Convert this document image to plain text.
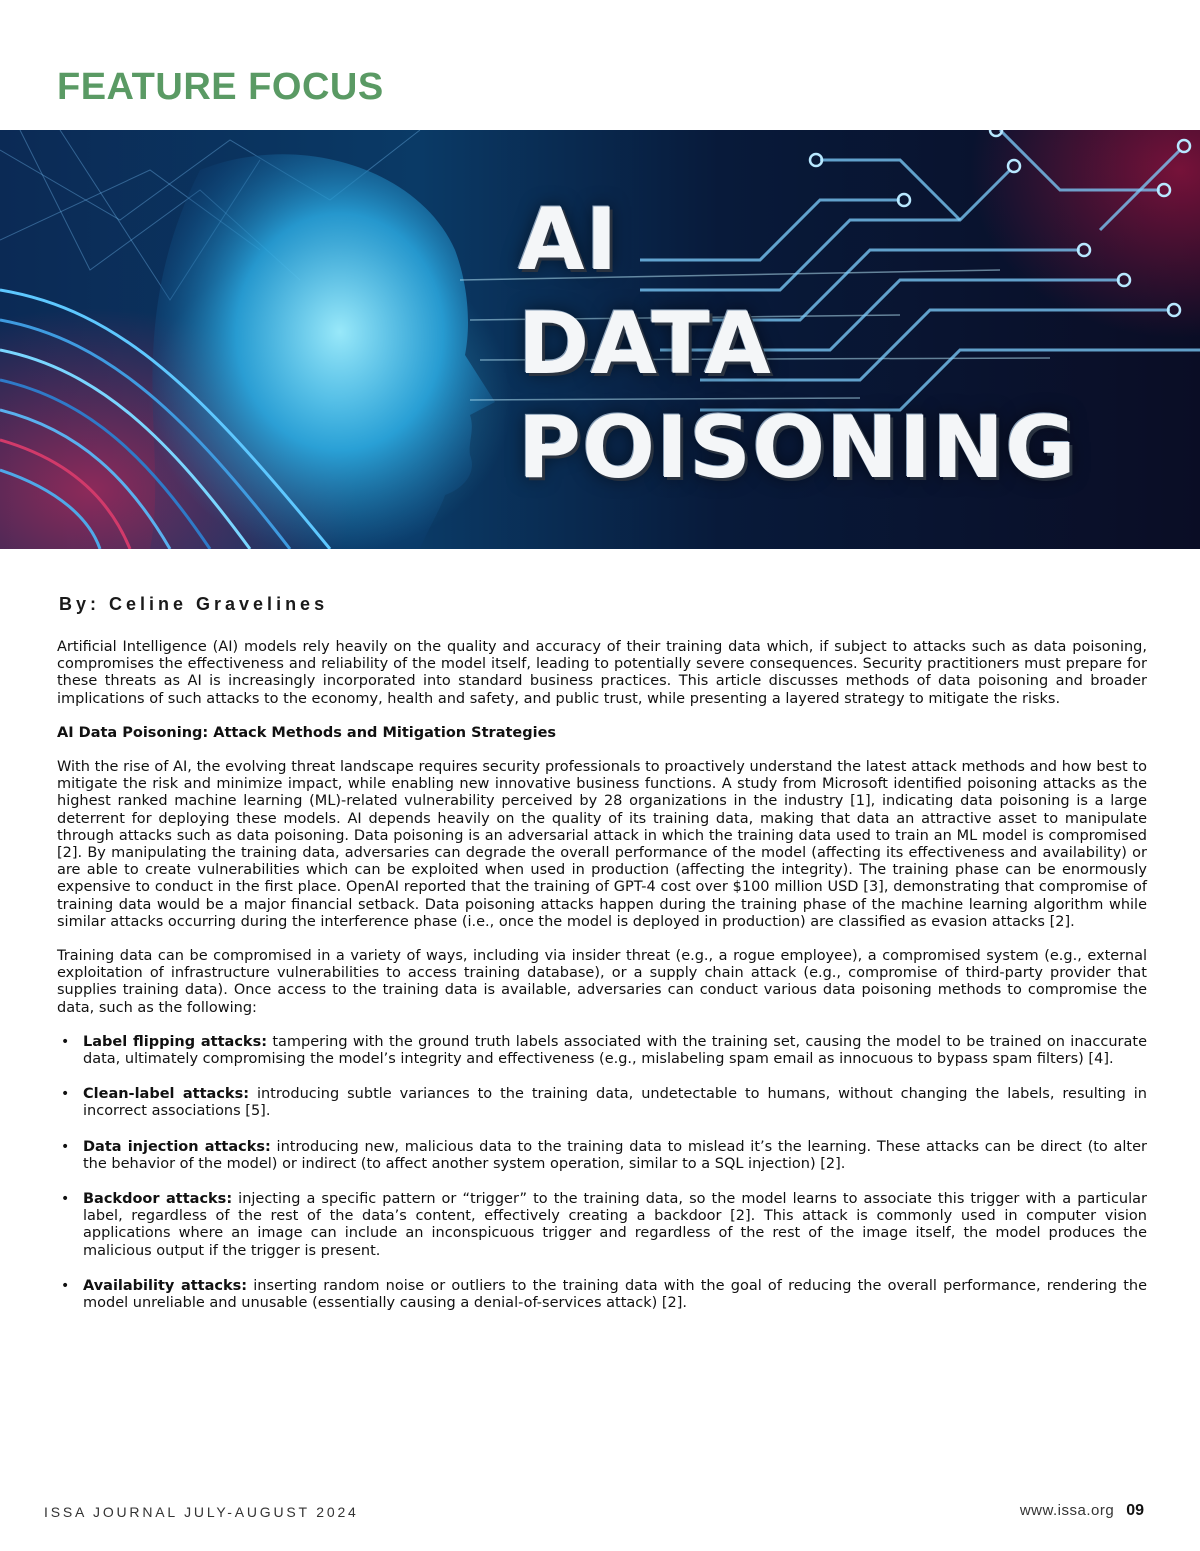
FEATURE FOCUS
AI
DATA
POISONING

By: Celine Gravelines

Artificial Intelligence (AI) models rely heavily on the quality and accuracy of their training data which, if subject to attacks such as data poisoning, compromises the effectiveness and reliability of the model itself, leading to potentially severe consequences. Security practitioners must prepare for these threats as AI is increasingly incorporated into standard business practices. This article discusses methods of data poisoning and broader implications of such attacks to the economy, health and safety, and public trust, while presenting a layered strategy to mitigate the risks.

AI Data Poisoning: Attack Methods and Mitigation Strategies

With the rise of AI, the evolving threat landscape requires security professionals to proactively understand the latest attack methods and how best to mitigate the risk and minimize impact, while enabling new innovative business functions. A study from Microsoft identified poisoning attacks as the highest ranked machine learning (ML)-related vulnerability perceived by 28 organizations in the industry [1], indicating data poisoning is a large deterrent for deploying these models. AI depends heavily on the quality of its training data, making that data an attractive asset to manipulate through attacks such as data poisoning. Data poisoning is an adversarial attack in which the training data used to train an ML model is compromised [2]. By manipulating the training data, adversaries can degrade the overall performance of the model (affecting its effectiveness and availability) or are able to create vulnerabilities which can be exploited when used in production (affecting the integrity). The training phase can be enormously expensive to conduct in the first place. OpenAI reported that the training of GPT-4 cost over $100 million USD [3], demonstrating that compromise of training data would be a major financial setback. Data poisoning attacks happen during the training phase of the machine learning algorithm while similar attacks occurring during the interference phase (i.e., once the model is deployed in production) are classified as evasion attacks [2].

Training data can be compromised in a variety of ways, including via insider threat (e.g., a rogue employee), a compromised system (e.g., external exploitation of infrastructure vulnerabilities to access training database), or a supply chain attack (e.g., compromise of third-party provider that supplies training data). Once access to the training data is available, adversaries can conduct various data poisoning methods to compromise the data, such as the following:

• Label flipping attacks: tampering with the ground truth labels associated with the training set, causing the model to be trained on inaccurate data, ultimately compromising the model’s integrity and effectiveness (e.g., mislabeling spam email as innocuous to bypass spam filters) [4].
• Clean-label attacks: introducing subtle variances to the training data, undetectable to humans, without changing the labels, resulting in incorrect associations [5].
• Data injection attacks: introducing new, malicious data to the training data to mislead it’s the learning. These attacks can be direct (to alter the behavior of the model) or indirect (to affect another system operation, similar to a SQL injection) [2].
• Backdoor attacks: injecting a specific pattern or “trigger” to the training data, so the model learns to associate this trigger with a particular label, regardless of the rest of the data’s content, effectively creating a backdoor [2]. This attack is commonly used in computer vision applications where an image can include an inconspicuous trigger and regardless of the rest of the image itself, the model produces the malicious output if the trigger is present.
• Availability attacks: inserting random noise or outliers to the training data with the goal of reducing the overall performance, rendering the model unreliable and unusable (essentially causing a denial-of-services attack) [2].

ISSA JOURNAL JULY-AUGUST 2024	www.issa.org 09
